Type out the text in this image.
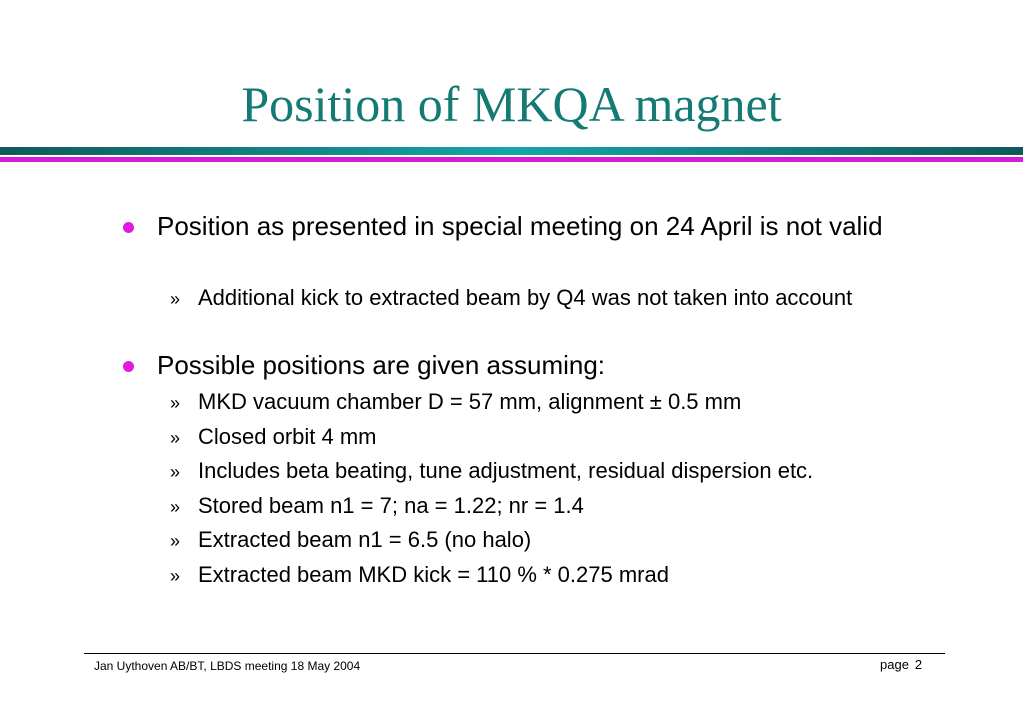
Position of MKQA magnet
Position as presented in special meeting on 24 April is not valid
» Additional kick to extracted beam by Q4 was not taken into account
Possible positions are given assuming:
» MKD vacuum chamber D = 57 mm, alignment ± 0.5 mm
» Closed orbit 4 mm
» Includes beta beating, tune adjustment, residual dispersion etc.
» Stored beam n1 = 7; na = 1.22; nr = 1.4
» Extracted beam n1 = 6.5 (no halo)
» Extracted beam MKD kick = 110 % * 0.275 mrad
Jan Uythoven AB/BT, LBDS meeting 18 May 2004	page 2
